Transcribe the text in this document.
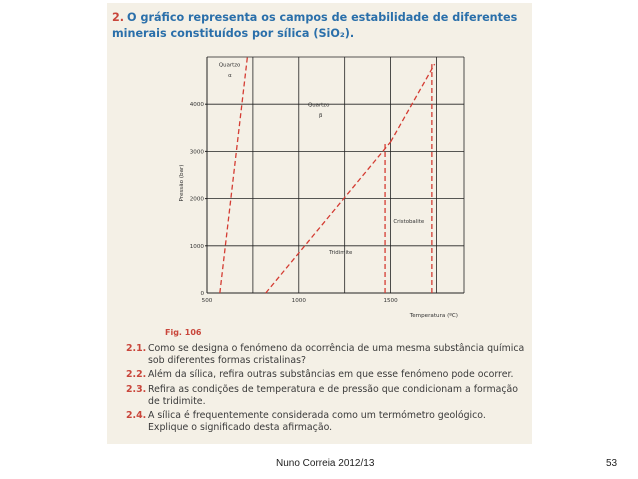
2. O gráfico representa os campos de estabilidade de diferentes minerais constituídos por sílica (SiO₂).
0
1000
2000
3000
4000
500	1000	1500
Temperatura (ºC)
Pressão (bar)
Quartzo
α
Quartzo
β
Cristobalite
Tridimite
Fig. 106
2.1. Como se designa o fenómeno da ocorrência de uma mesma substância química sob diferentes formas cristalinas?
2.2. Além da sílica, refira outras substâncias em que esse fenómeno pode ocorrer.
2.3. Refira as condições de temperatura e de pressão que condicionam a formação de tridimite.
2.4. A sílica é frequentemente considerada como um termómetro geológico. Explique o significado desta afirmação.
Nuno Correia 2012/13	53
